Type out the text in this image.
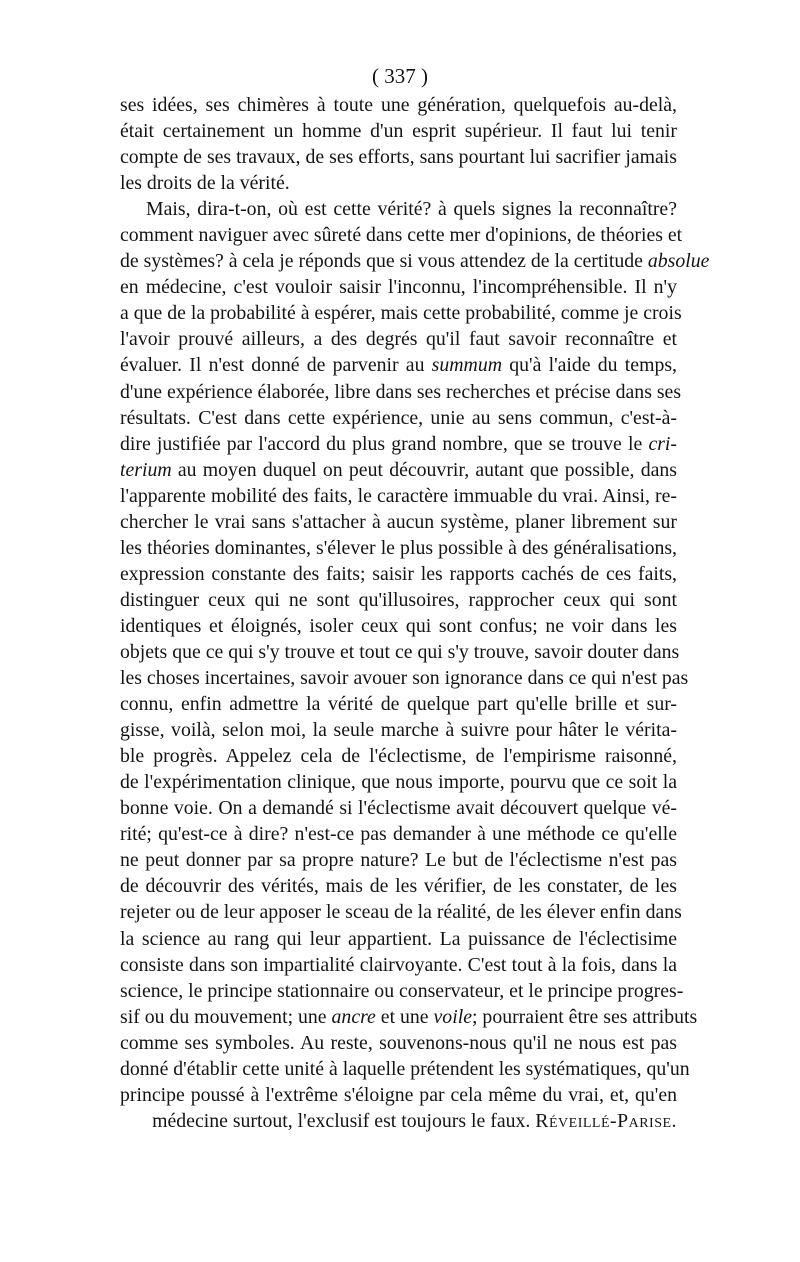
( 337 )
ses idées, ses chimères à toute une génération, quelquefois au-delà,
était certainement un homme d'un esprit supérieur. Il faut lui tenir
compte de ses travaux, de ses efforts, sans pourtant lui sacrifier jamais
les droits de la vérité.
Mais, dira-t-on, où est cette vérité? à quels signes la reconnaître?
comment naviguer avec sûreté dans cette mer d'opinions, de théories et
de systèmes? à cela je réponds que si vous attendez de la certitude absolue
en médecine, c'est vouloir saisir l'inconnu, l'incompréhensible. Il n'y
a que de la probabilité à espérer, mais cette probabilité, comme je crois
l'avoir prouvé ailleurs, a des degrés qu'il faut savoir reconnaître et
évaluer. Il n'est donné de parvenir au summum qu'à l'aide du temps,
d'une expérience élaborée, libre dans ses recherches et précise dans ses
résultats. C'est dans cette expérience, unie au sens commun, c'est-à-
dire justifiée par l'accord du plus grand nombre, que se trouve le cri-
terium au moyen duquel on peut découvrir, autant que possible, dans
l'apparente mobilité des faits, le caractère immuable du vrai. Ainsi, re-
chercher le vrai sans s'attacher à aucun système, planer librement sur
les théories dominantes, s'élever le plus possible à des généralisations,
expression constante des faits; saisir les rapports cachés de ces faits,
distinguer ceux qui ne sont qu'illusoires, rapprocher ceux qui sont
identiques et éloignés, isoler ceux qui sont confus; ne voir dans les
objets que ce qui s'y trouve et tout ce qui s'y trouve, savoir douter dans
les choses incertaines, savoir avouer son ignorance dans ce qui n'est pas
connu, enfin admettre la vérité de quelque part qu'elle brille et sur-
gisse, voilà, selon moi, la seule marche à suivre pour hâter le vérita-
ble progrès. Appelez cela de l'éclectisme, de l'empirisme raisonné,
de l'expérimentation clinique, que nous importe, pourvu que ce soit la
bonne voie. On a demandé si l'éclectisme avait découvert quelque vé-
rité; qu'est-ce à dire? n'est-ce pas demander à une méthode ce qu'elle
ne peut donner par sa propre nature? Le but de l'éclectisme n'est pas
de découvrir des vérités, mais de les vérifier, de les constater, de les
rejeter ou de leur apposer le sceau de la réalité, de les élever enfin dans
la science au rang qui leur appartient. La puissance de l'éclectisime
consiste dans son impartialité clairvoyante. C'est tout à la fois, dans la
science, le principe stationnaire ou conservateur, et le principe progres-
sif ou du mouvement; une ancre et une voile; pourraient être ses attributs
comme ses symboles. Au reste, souvenons-nous qu'il ne nous est pas
donné d'établir cette unité à laquelle prétendent les systématiques, qu'un
principe poussé à l'extrême s'éloigne par cela même du vrai, et, qu'en
médecine surtout, l'exclusif est toujours le faux. Réveillé-Parise.
